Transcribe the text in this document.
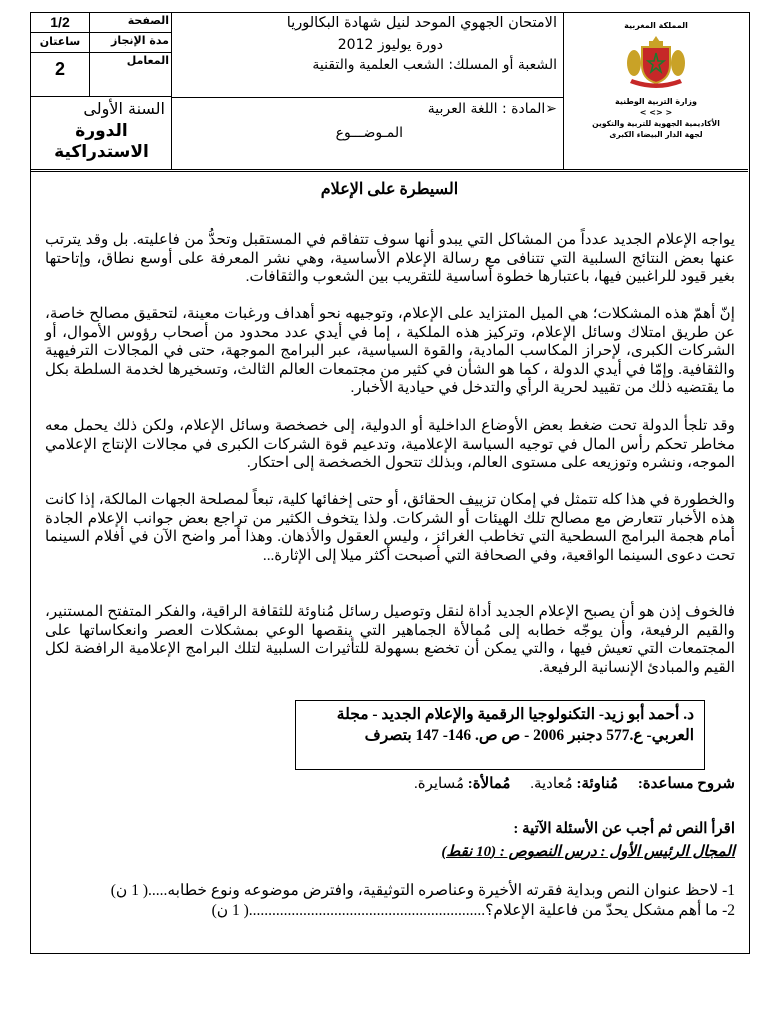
1/2	الصفحة
ساعتان	مدة الإنجاز
2	المعامل
السنة الأولى
الدورة الاستدراكية
الامتحان الجهوي الموحد لنيل شهادة البكالوريا
دورة يوليوز 2012
الشعبة أو المسلك: الشعب العلمية والتقنية
➢المادة : اللغة العربية
المـوضـــوع
المملكة المغربية
وزارة التربية الوطنية
< <> >
الأكاديمية الجهوية للتربية والتكوين
لجهة الدار البيضاء الكبرى
السيطرة على الإعلام
يواجه الإعلام الجديد عدداً من المشاكل التي يبدو أنها سوف تتفاقم في المستقبل وتحدُّ من فاعليته. بل وقد يترتب عنها بعض النتائج السلبية التي تتنافى مع رسالة الإعلام الأساسية، وهي نشر المعرفة على أوسع نطاق، وإتاحتها بغير قيود للراغبين فيها، باعتبارها خطوة أساسية للتقريب بين الشعوب والثقافات.
إنّ أهمّ هذه المشكلات؛ هي الميل المتزايد على الإعلام، وتوجيهه نحو أهداف ورغبات معينة، لتحقيق مصالح خاصة، عن طريق امتلاك وسائل الإعلام، وتركيز هذه الملكية ، إما في أيدي عدد محدود من أصحاب رؤوس الأموال، أو الشركات الكبرى، لإحراز المكاسب المادية، والقوة السياسية، عبر البرامج الموجهة، حتى في المجالات الترفيهية والثقافية. وإمّا في أيدي الدولة ، كما هو الشأن في كثير من مجتمعات العالم الثالث، وتسخيرها لخدمة السلطة بكل ما يقتضيه ذلك من تقييد لحرية الرأي والتدخل في حيادية الأخبار.
وقد تلجأ الدولة تحت ضغط بعض الأوضاع الداخلية أو الدولية، إلى خصخصة وسائل الإعلام، ولكن ذلك يحمل معه مخاطر تحكم رأس المال في توجيه السياسة الإعلامية، وتدعيم قوة الشركات الكبرى في مجالات الإنتاج الإعلامي الموجه، ونشره وتوزيعه على مستوى العالم، وبذلك تتحول الخصخصة إلى احتكار.
والخطورة في هذا كله تتمثل في إمكان تزييف الحقائق، أو حتى إخفائها كلية، تبعاً لمصلحة الجهات المالكة، إذا كانت هذه الأخبار تتعارض مع مصالح تلك الهيئات أو الشركات. ولذا يتخوف الكثير من تراجع بعض جوانب الإعلام الجادة أمام هجمة البرامج السطحية التي تخاطب الغرائز ، وليس العقول والأذهان. وهذا أمر واضح الآن في أفلام السينما تحت دعوى السينما الواقعية، وفي الصحافة التي أصبحت أكثر ميلا إلى الإثارة...
فالخوف إذن هو أن يصبح الإعلام الجديد أداة لنقل وتوصيل رسائل مُناوئة للثقافة الراقية، والفكر المتفتح المستنير، والقيم الرفيعة، وأن يوجّه خطابه إلى مُمالأة الجماهير التي ينقصها الوعي بمشكلات العصر وانعكاساتها على المجتمعات التي تعيش فيها ، والتي يمكن أن تخضع بسهولة للتأثيرات السلبية لتلك البرامج الإعلامية الرافضة لكل القيم والمبادئ الإنسانية الرفيعة.
د. أحمد أبو زيد- التكنولوجيا الرقمية والإعلام الجديد - مجلة
العربي- ع.577 دجنبر 2006 - ص ص. 146- 147 بتصرف
شروح مساعدة: مُناوئة: مُعادية. مُمالأة: مُسايرة.
اقرأ النص ثم أجب عن الأسئلة الآتية :
المجال الرئيس الأول : درس النصوص : (10 نقط)
1- لاحظ عنوان النص وبداية فقرته الأخيرة وعناصره التوثيقية، وافترض موضوعه ونوع خطابه.....( 1 ن)
2- ما أهم مشكل يحدّ من فاعلية الإعلام؟.............................................................( 1 ن)
